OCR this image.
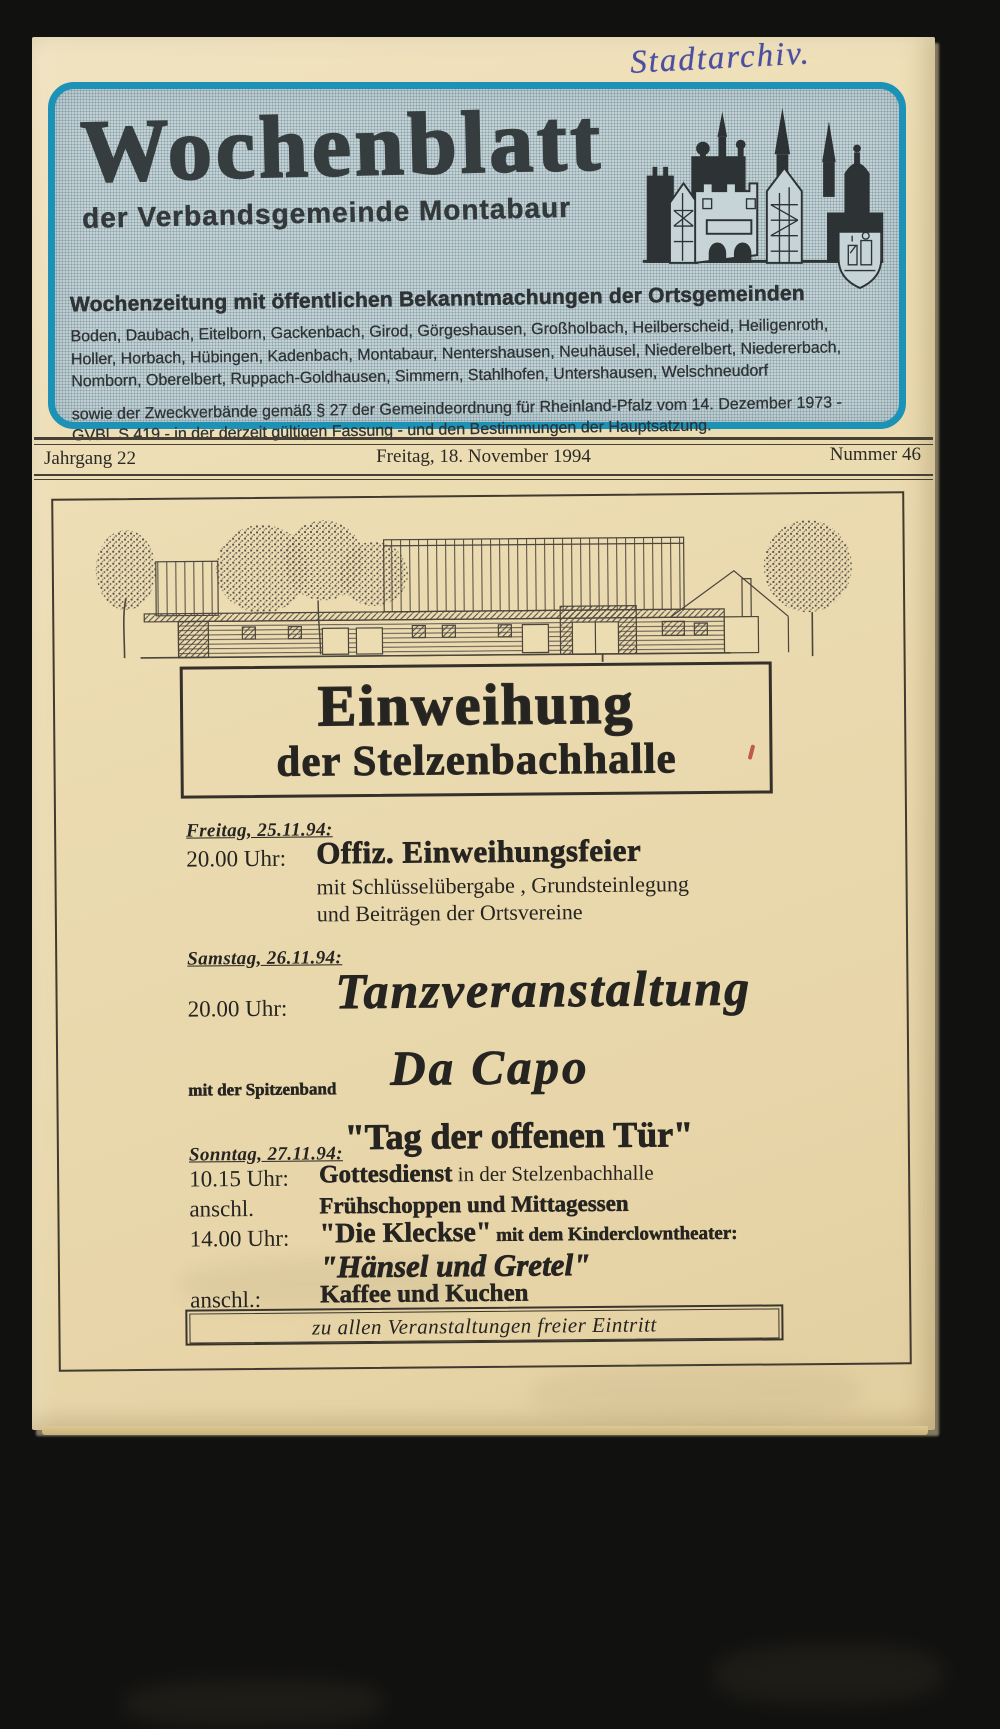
Stadtarchiv.
Wochenblatt
der Verbandsgemeinde Montabaur
Wochenzeitung mit öffentlichen Bekanntmachungen der Ortsgemeinden
Boden, Daubach, Eitelborn, Gackenbach, Girod, Görgeshausen, Großholbach, Heilberscheid, Heiligenroth,
Holler, Horbach, Hübingen, Kadenbach, Montabaur, Nentershausen, Neuhäusel, Niederelbert, Niedererbach,
Nomborn, Oberelbert, Ruppach-Goldhausen, Simmern, Stahlhofen, Untershausen, Welschneudorf
sowie der Zweckverbände gemäß § 27 der Gemeindeordnung für Rheinland-Pfalz vom 14. Dezember 1973 -
GVBl. S 419 - in der derzeit gültigen Fassung - und den Bestimmungen der Hauptsatzung.
Jahrgang 22	Freitag, 18. November 1994	Nummer 46
Einweihung
der Stelzenbachhalle
Freitag, 25.11.94:
20.00 Uhr: Offiz. Einweihungsfeier
mit Schlüsselübergabe , Grundsteinlegung
und Beiträgen der Ortsvereine
Samstag, 26.11.94:
20.00 Uhr: Tanzveranstaltung
mit der Spitzenband Da Capo
Sonntag, 27.11.94: "Tag der offenen Tür"
10.15 Uhr: Gottesdienst in der Stelzenbachhalle
anschl.	Frühschoppen und Mittagessen
14.00 Uhr: "Die Kleckse" mit dem Kinderclowntheater:
"Hänsel und Gretel"
anschl.: Kaffee und Kuchen
zu allen Veranstaltungen freier Eintritt
